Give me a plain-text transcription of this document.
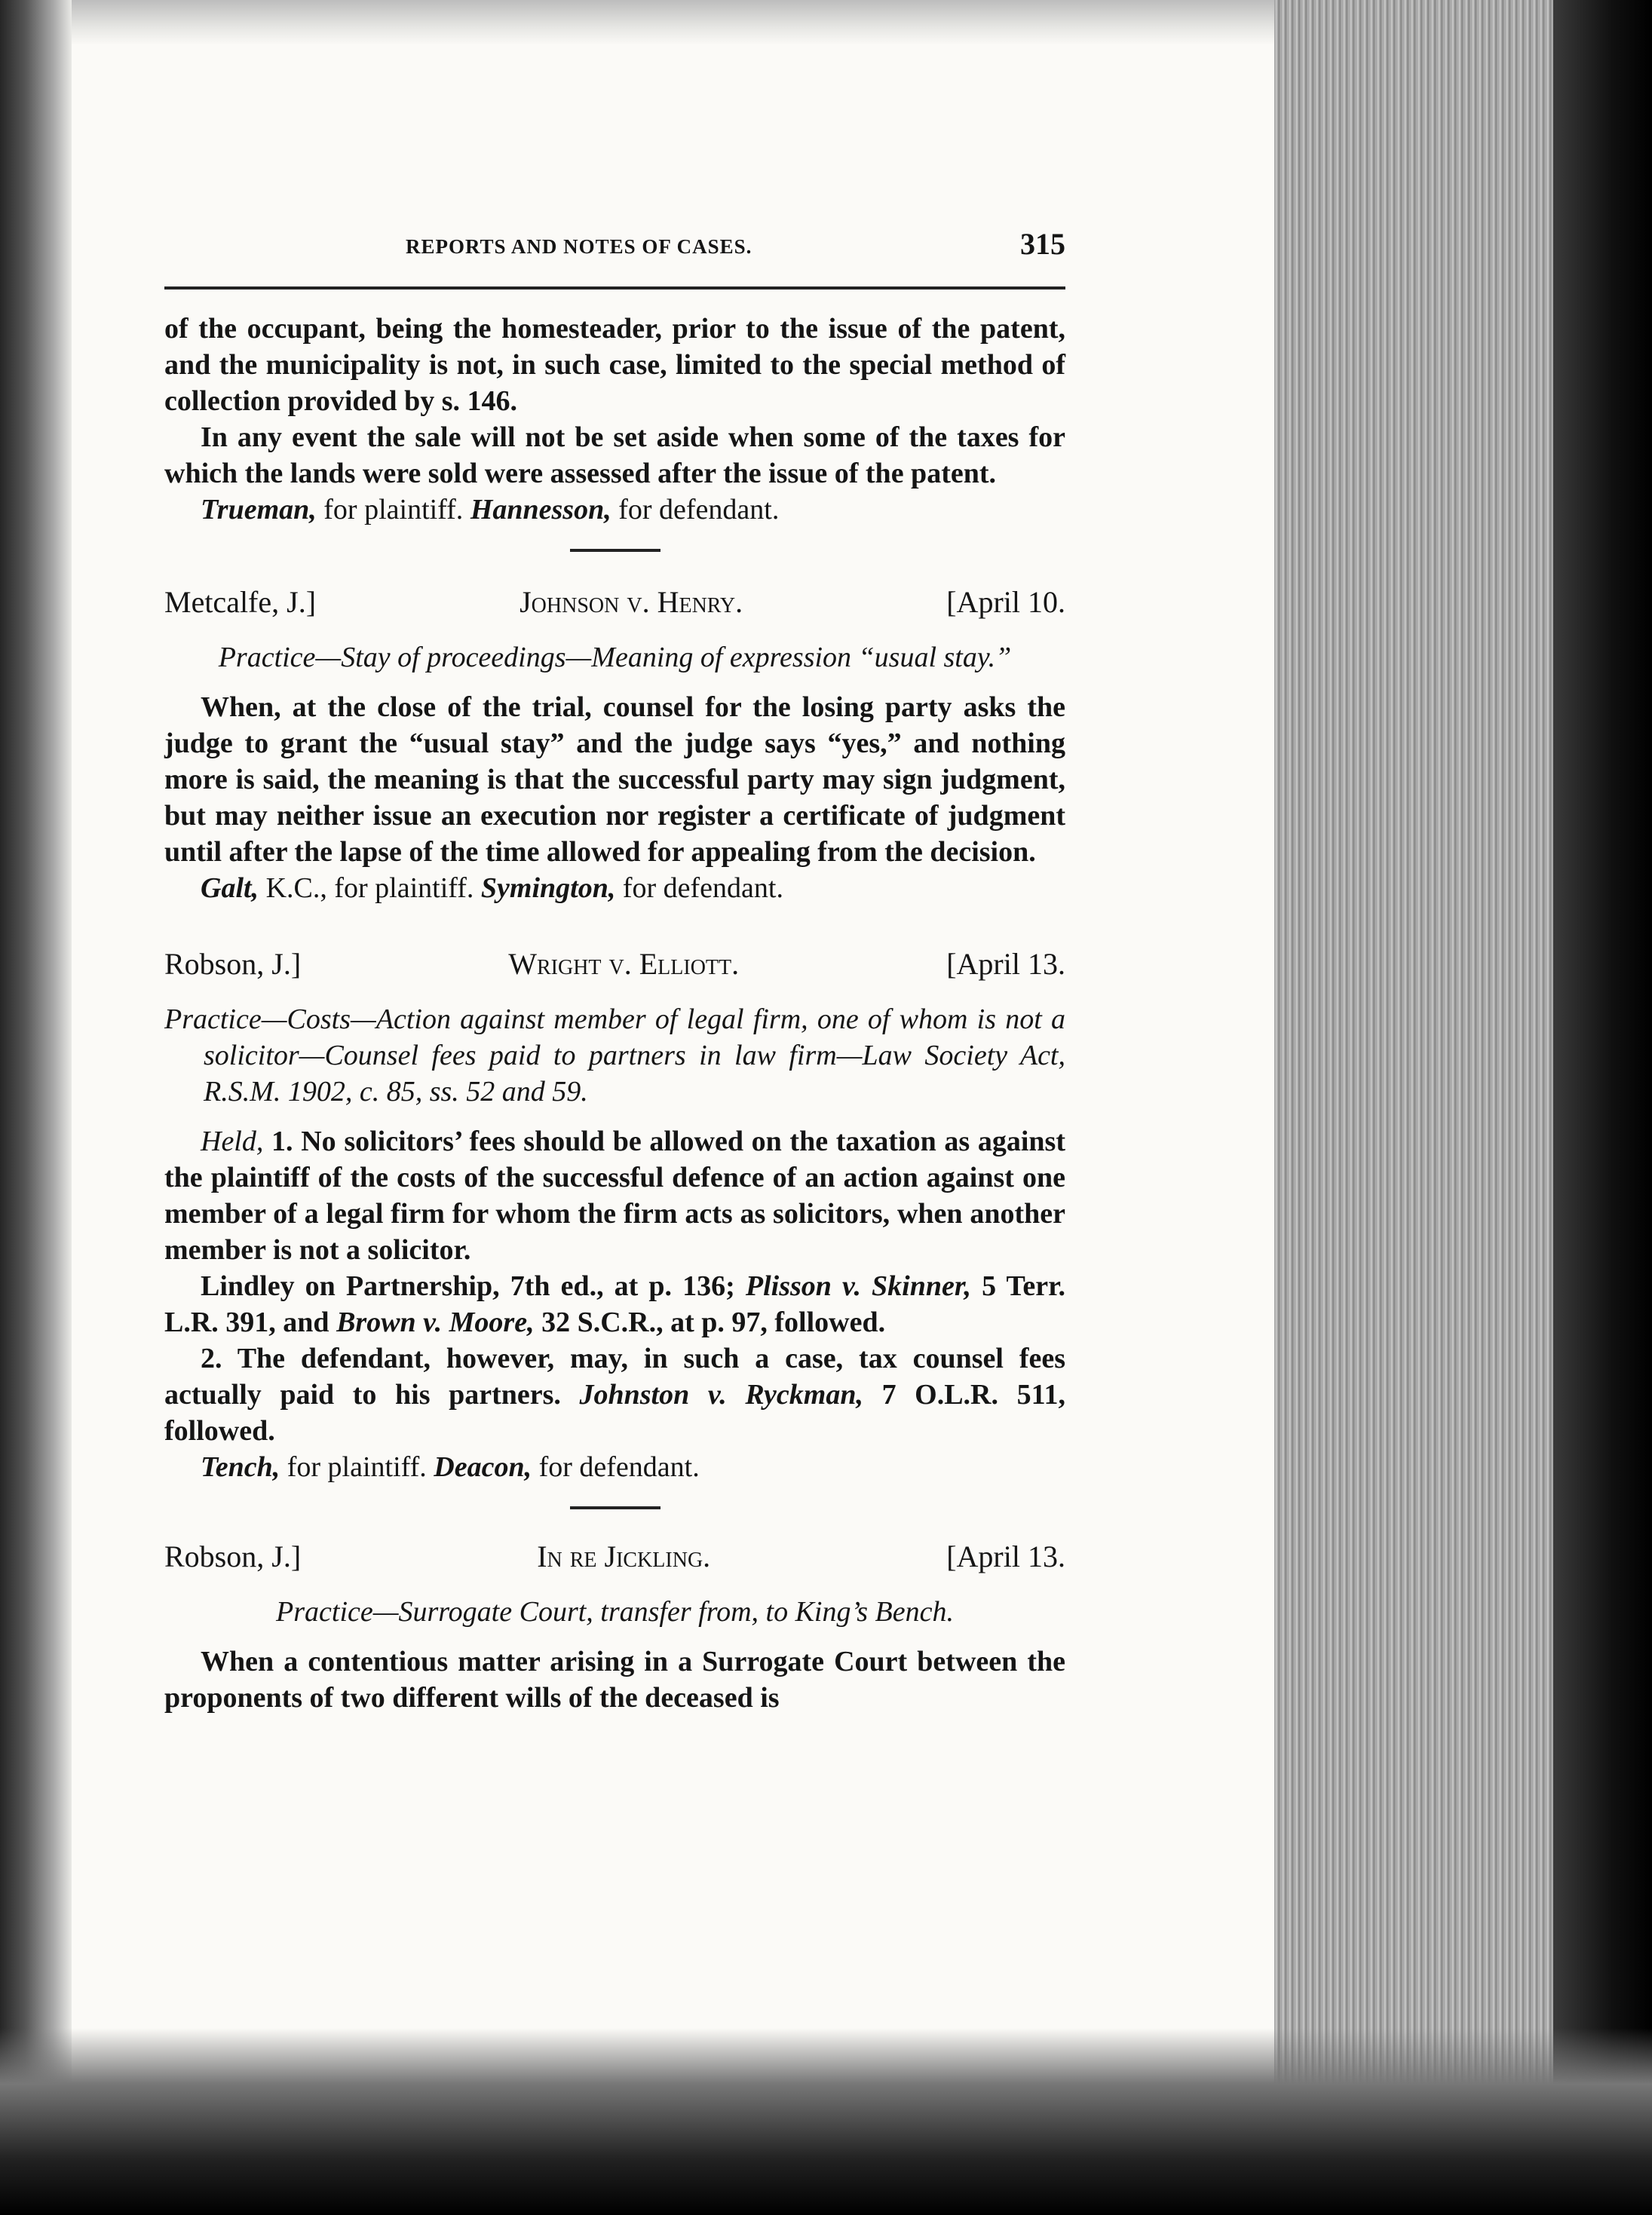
REPORTS AND NOTES OF CASES.	315

of the occupant, being the homesteader, prior to the issue of the patent, and the municipality is not, in such case, limited to the special method of collection provided by s. 146.

In any event the sale will not be set aside when some of the taxes for which the lands were sold were assessed after the issue of the patent.

Trueman, for plaintiff. Hannesson, for defendant.

Metcalfe, J.]	Johnson v. Henry.	[April 10.

Practice—Stay of proceedings—Meaning of expression “usual stay.”

When, at the close of the trial, counsel for the losing party asks the judge to grant the “usual stay” and the judge says “yes,” and nothing more is said, the meaning is that the successful party may sign judgment, but may neither issue an execution nor register a certificate of judgment until after the lapse of the time allowed for appealing from the decision.

Galt, K.C., for plaintiff. Symington, for defendant.

Robson, J.]	Wright v. Elliott.	[April 13.

Practice—Costs—Action against member of legal firm, one of whom is not a solicitor—Counsel fees paid to partners in law firm—Law Society Act, R.S.M. 1902, c. 85, ss. 52 and 59.

Held, 1. No solicitors’ fees should be allowed on the taxation as against the plaintiff of the costs of the successful defence of an action against one member of a legal firm for whom the firm acts as solicitors, when another member is not a solicitor.

Lindley on Partnership, 7th ed., at p. 136; Plisson v. Skinner, 5 Terr. L.R. 391, and Brown v. Moore, 32 S.C.R., at p. 97, followed.

2. The defendant, however, may, in such a case, tax counsel fees actually paid to his partners. Johnston v. Ryckman, 7 O.L.R. 511, followed.

Tench, for plaintiff. Deacon, for defendant.

Robson, J.]	In re Jickling.	[April 13.

Practice—Surrogate Court, transfer from, to King’s Bench.

When a contentious matter arising in a Surrogate Court between the proponents of two different wills of the deceased is
